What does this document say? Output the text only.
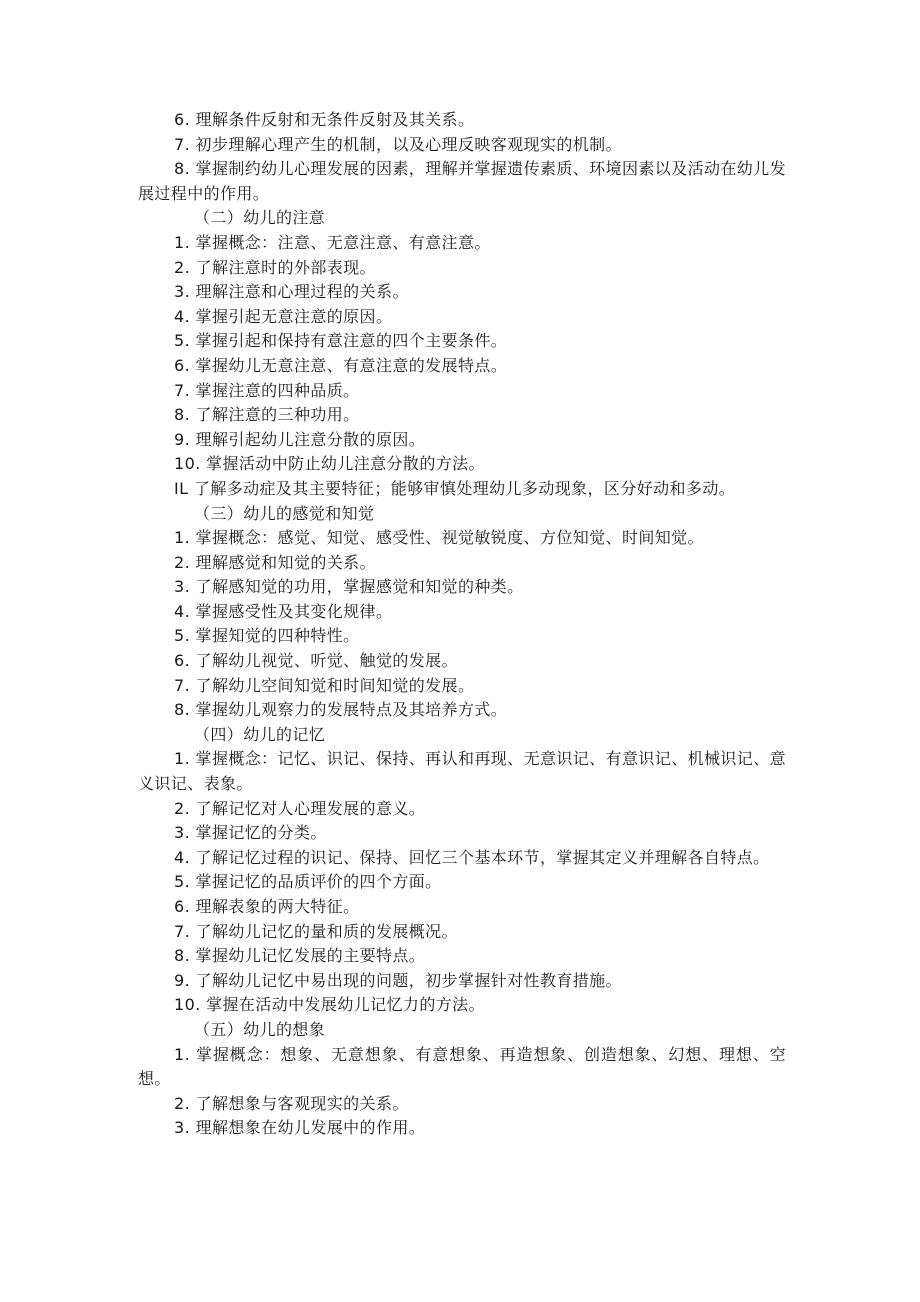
6. 理解条件反射和无条件反射及其关系。

7. 初步理解心理产生的机制，以及心理反映客观现实的机制。

8. 掌握制约幼儿心理发展的因素，理解并掌握遗传素质、环境因素以及活动在幼儿发展过程中的作用。

（二）幼儿的注意

1. 掌握概念：注意、无意注意、有意注意。

2. 了解注意时的外部表现。

3. 理解注意和心理过程的关系。

4. 掌握引起无意注意的原因。

5. 掌握引起和保持有意注意的四个主要条件。

6. 掌握幼儿无意注意、有意注意的发展特点。

7. 掌握注意的四种品质。

8. 了解注意的三种功用。

9. 理解引起幼儿注意分散的原因。

10. 掌握活动中防止幼儿注意分散的方法。

IL 了解多动症及其主要特征；能够审慎处理幼儿多动现象，区分好动和多动。

（三）幼儿的感觉和知觉

1. 掌握概念：感觉、知觉、感受性、视觉敏锐度、方位知觉、时间知觉。

2. 理解感觉和知觉的关系。

3. 了解感知觉的功用，掌握感觉和知觉的种类。

4. 掌握感受性及其变化规律。

5. 掌握知觉的四种特性。

6. 了解幼儿视觉、听觉、触觉的发展。

7. 了解幼儿空间知觉和时间知觉的发展。

8. 掌握幼儿观察力的发展特点及其培养方式。

（四）幼儿的记忆

1. 掌握概念：记忆、识记、保持、再认和再现、无意识记、有意识记、机械识记、意义识记、表象。

2. 了解记忆对人心理发展的意义。

3. 掌握记忆的分类。

4. 了解记忆过程的识记、保持、回忆三个基本环节，掌握其定义并理解各自特点。

5. 掌握记忆的品质评价的四个方面。

6. 理解表象的两大特征。

7. 了解幼儿记忆的量和质的发展概况。

8. 掌握幼儿记忆发展的主要特点。

9. 了解幼儿记忆中易出现的问题，初步掌握针对性教育措施。

10. 掌握在活动中发展幼儿记忆力的方法。

（五）幼儿的想象

1. 掌握概念：想象、无意想象、有意想象、再造想象、创造想象、幻想、理想、空想。

2. 了解想象与客观现实的关系。

3. 理解想象在幼儿发展中的作用。
